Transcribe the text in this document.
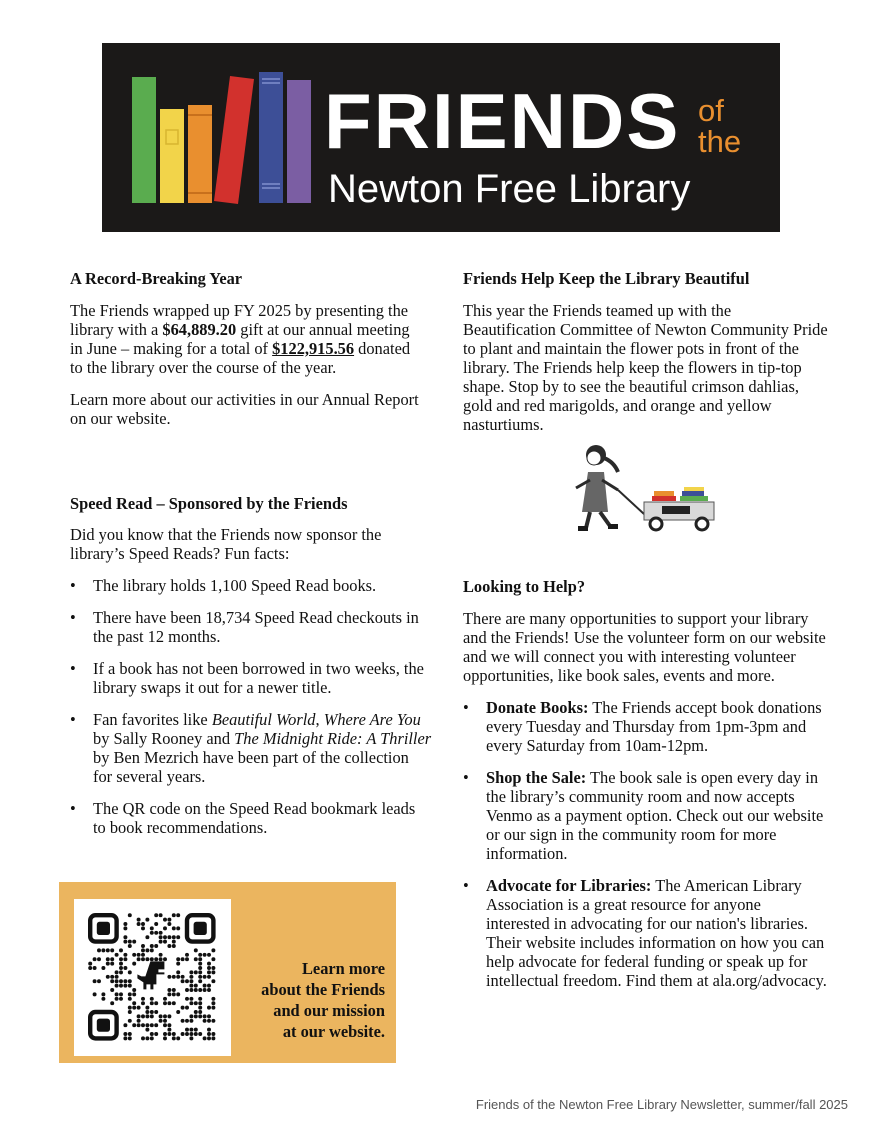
FRIENDS of
the
Newton Free Library

A Record-Breaking Year

The Friends wrapped up FY 2025 by presenting the library with a $64,889.20 gift at our annual meeting in June – making for a total of $122,915.56 donated to the library over the course of the year.

Learn more about our activities in our Annual Report on our website.

Speed Read – Sponsored by the Friends

Did you know that the Friends now sponsor the library’s Speed Reads? Fun facts:

• The library holds 1,100 Speed Read books.
• There have been 18,734 Speed Read checkouts in the past 12 months.
• If a book has not been borrowed in two weeks, the library swaps it out for a newer title.
• Fan favorites like Beautiful World, Where Are You by Sally Rooney and The Midnight Ride: A Thriller by Ben Mezrich have been part of the collection for several years.
• The QR code on the Speed Read bookmark leads to book recommendations.
Learn more
about the Friends
and our mission
at our website.

Friends Help Keep the Library Beautiful

This year the Friends teamed up with the Beautification Committee of Newton Community Pride to plant and maintain the flower pots in front of the library. The Friends help keep the flowers in tip-top shape. Stop by to see the beautiful crimson dahlias, gold and red marigolds, and orange and yellow nasturtiums.

Looking to Help?

There are many opportunities to support your library and the Friends! Use the volunteer form on our website and we will connect you with interesting volunteer opportunities, like book sales, events and more.

• Donate Books: The Friends accept book donations every Tuesday and Thursday from 1pm-3pm and every Saturday from 10am-12pm.
• Shop the Sale: The book sale is open every day in the library’s community room and now accepts Venmo as a payment option. Check out our website or our sign in the community room for more information.
• Advocate for Libraries: The American Library Association is a great resource for anyone interested in advocating for our nation's libraries. Their website includes information on how you can help advocate for federal funding or speak up for intellectual freedom. Find them at ala.org/advocacy.
Friends of the Newton Free Library Newsletter, summer/fall 2025
